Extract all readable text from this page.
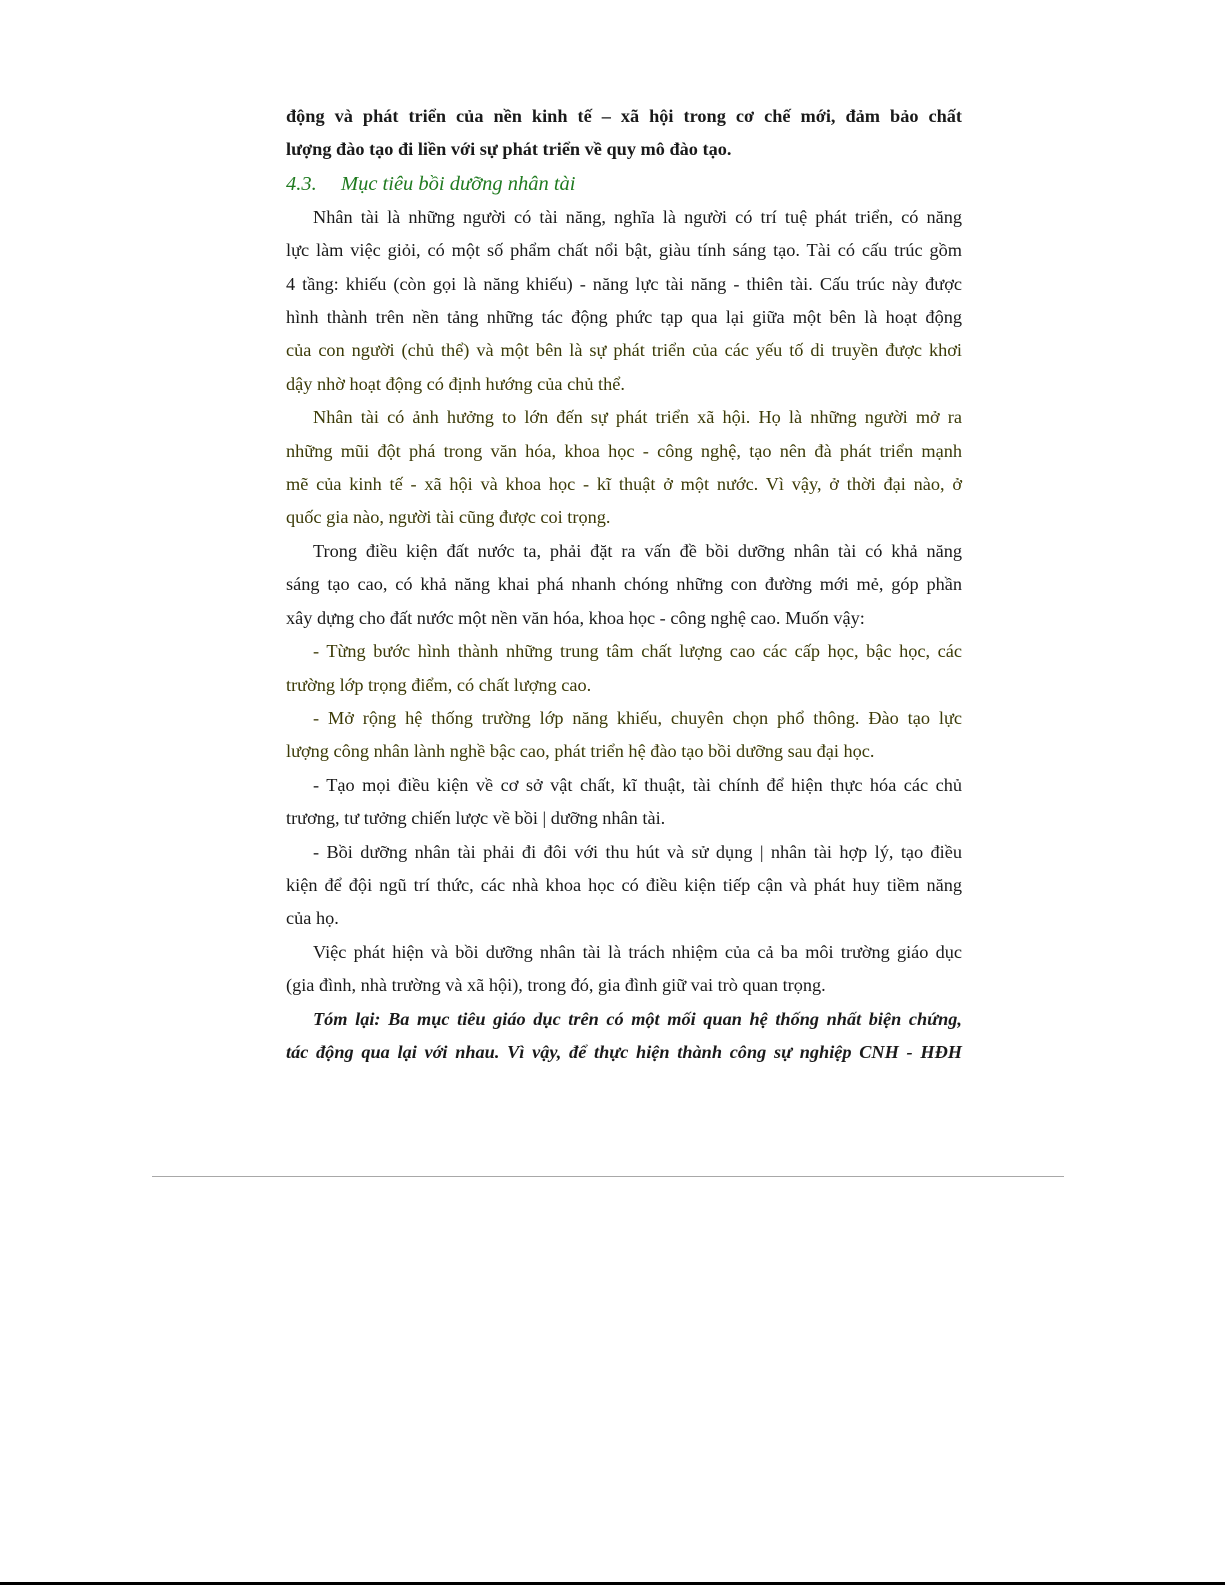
động và phát triển của nền kinh tế – xã hội trong cơ chế mới, đảm bảo chất

lượng đào tạo đi liền với sự phát triển về quy mô đào tạo.

4.3. Mục tiêu bồi dưỡng nhân tài

Nhân tài là những người có tài năng, nghĩa là người có trí tuệ phát triển, có năng

lực làm việc giỏi, có một số phẩm chất nổi bật, giàu tính sáng tạo. Tài có cấu trúc gồm

4 tầng: khiếu (còn gọi là năng khiếu) - năng lực tài năng - thiên tài. Cấu trúc này được

hình thành trên nền tảng những tác động phức tạp qua lại giữa một bên là hoạt động

của con người (chủ thể) và một bên là sự phát triển của các yếu tố di truyền được khơi

dậy nhờ hoạt động có định hướng của chủ thể.

Nhân tài có ảnh hưởng to lớn đến sự phát triển xã hội. Họ là những người mở ra

những mũi đột phá trong văn hóa, khoa học - công nghệ, tạo nên đà phát triển mạnh

mẽ của kinh tế - xã hội và khoa học - kĩ thuật ở một nước. Vì vậy, ở thời đại nào, ở

quốc gia nào, người tài cũng được coi trọng.

Trong điều kiện đất nước ta, phải đặt ra vấn đề bồi dưỡng nhân tài có khả năng

sáng tạo cao, có khả năng khai phá nhanh chóng những con đường mới mẻ, góp phần

xây dựng cho đất nước một nền văn hóa, khoa học - công nghệ cao. Muốn vậy:

- Từng bước hình thành những trung tâm chất lượng cao các cấp học, bậc học, các

trường lớp trọng điểm, có chất lượng cao.

- Mở rộng hệ thống trường lớp năng khiếu, chuyên chọn phổ thông. Đào tạo lực

lượng công nhân lành nghề bậc cao, phát triển hệ đào tạo bồi dưỡng sau đại học.

- Tạo mọi điều kiện về cơ sở vật chất, kĩ thuật, tài chính để hiện thực hóa các chủ

trương, tư tưởng chiến lược về bồi | dưỡng nhân tài.

- Bồi dưỡng nhân tài phải đi đôi với thu hút và sử dụng | nhân tài hợp lý, tạo điều

kiện để đội ngũ trí thức, các nhà khoa học có điều kiện tiếp cận và phát huy tiềm năng

của họ.

Việc phát hiện và bồi dưỡng nhân tài là trách nhiệm của cả ba môi trường giáo dục

(gia đình, nhà trường và xã hội), trong đó, gia đình giữ vai trò quan trọng.

Tóm lại: Ba mục tiêu giáo dục trên có một mối quan hệ thống nhất biện chứng,

tác động qua lại với nhau. Vì vậy, để thực hiện thành công sự nghiệp CNH - HĐH
